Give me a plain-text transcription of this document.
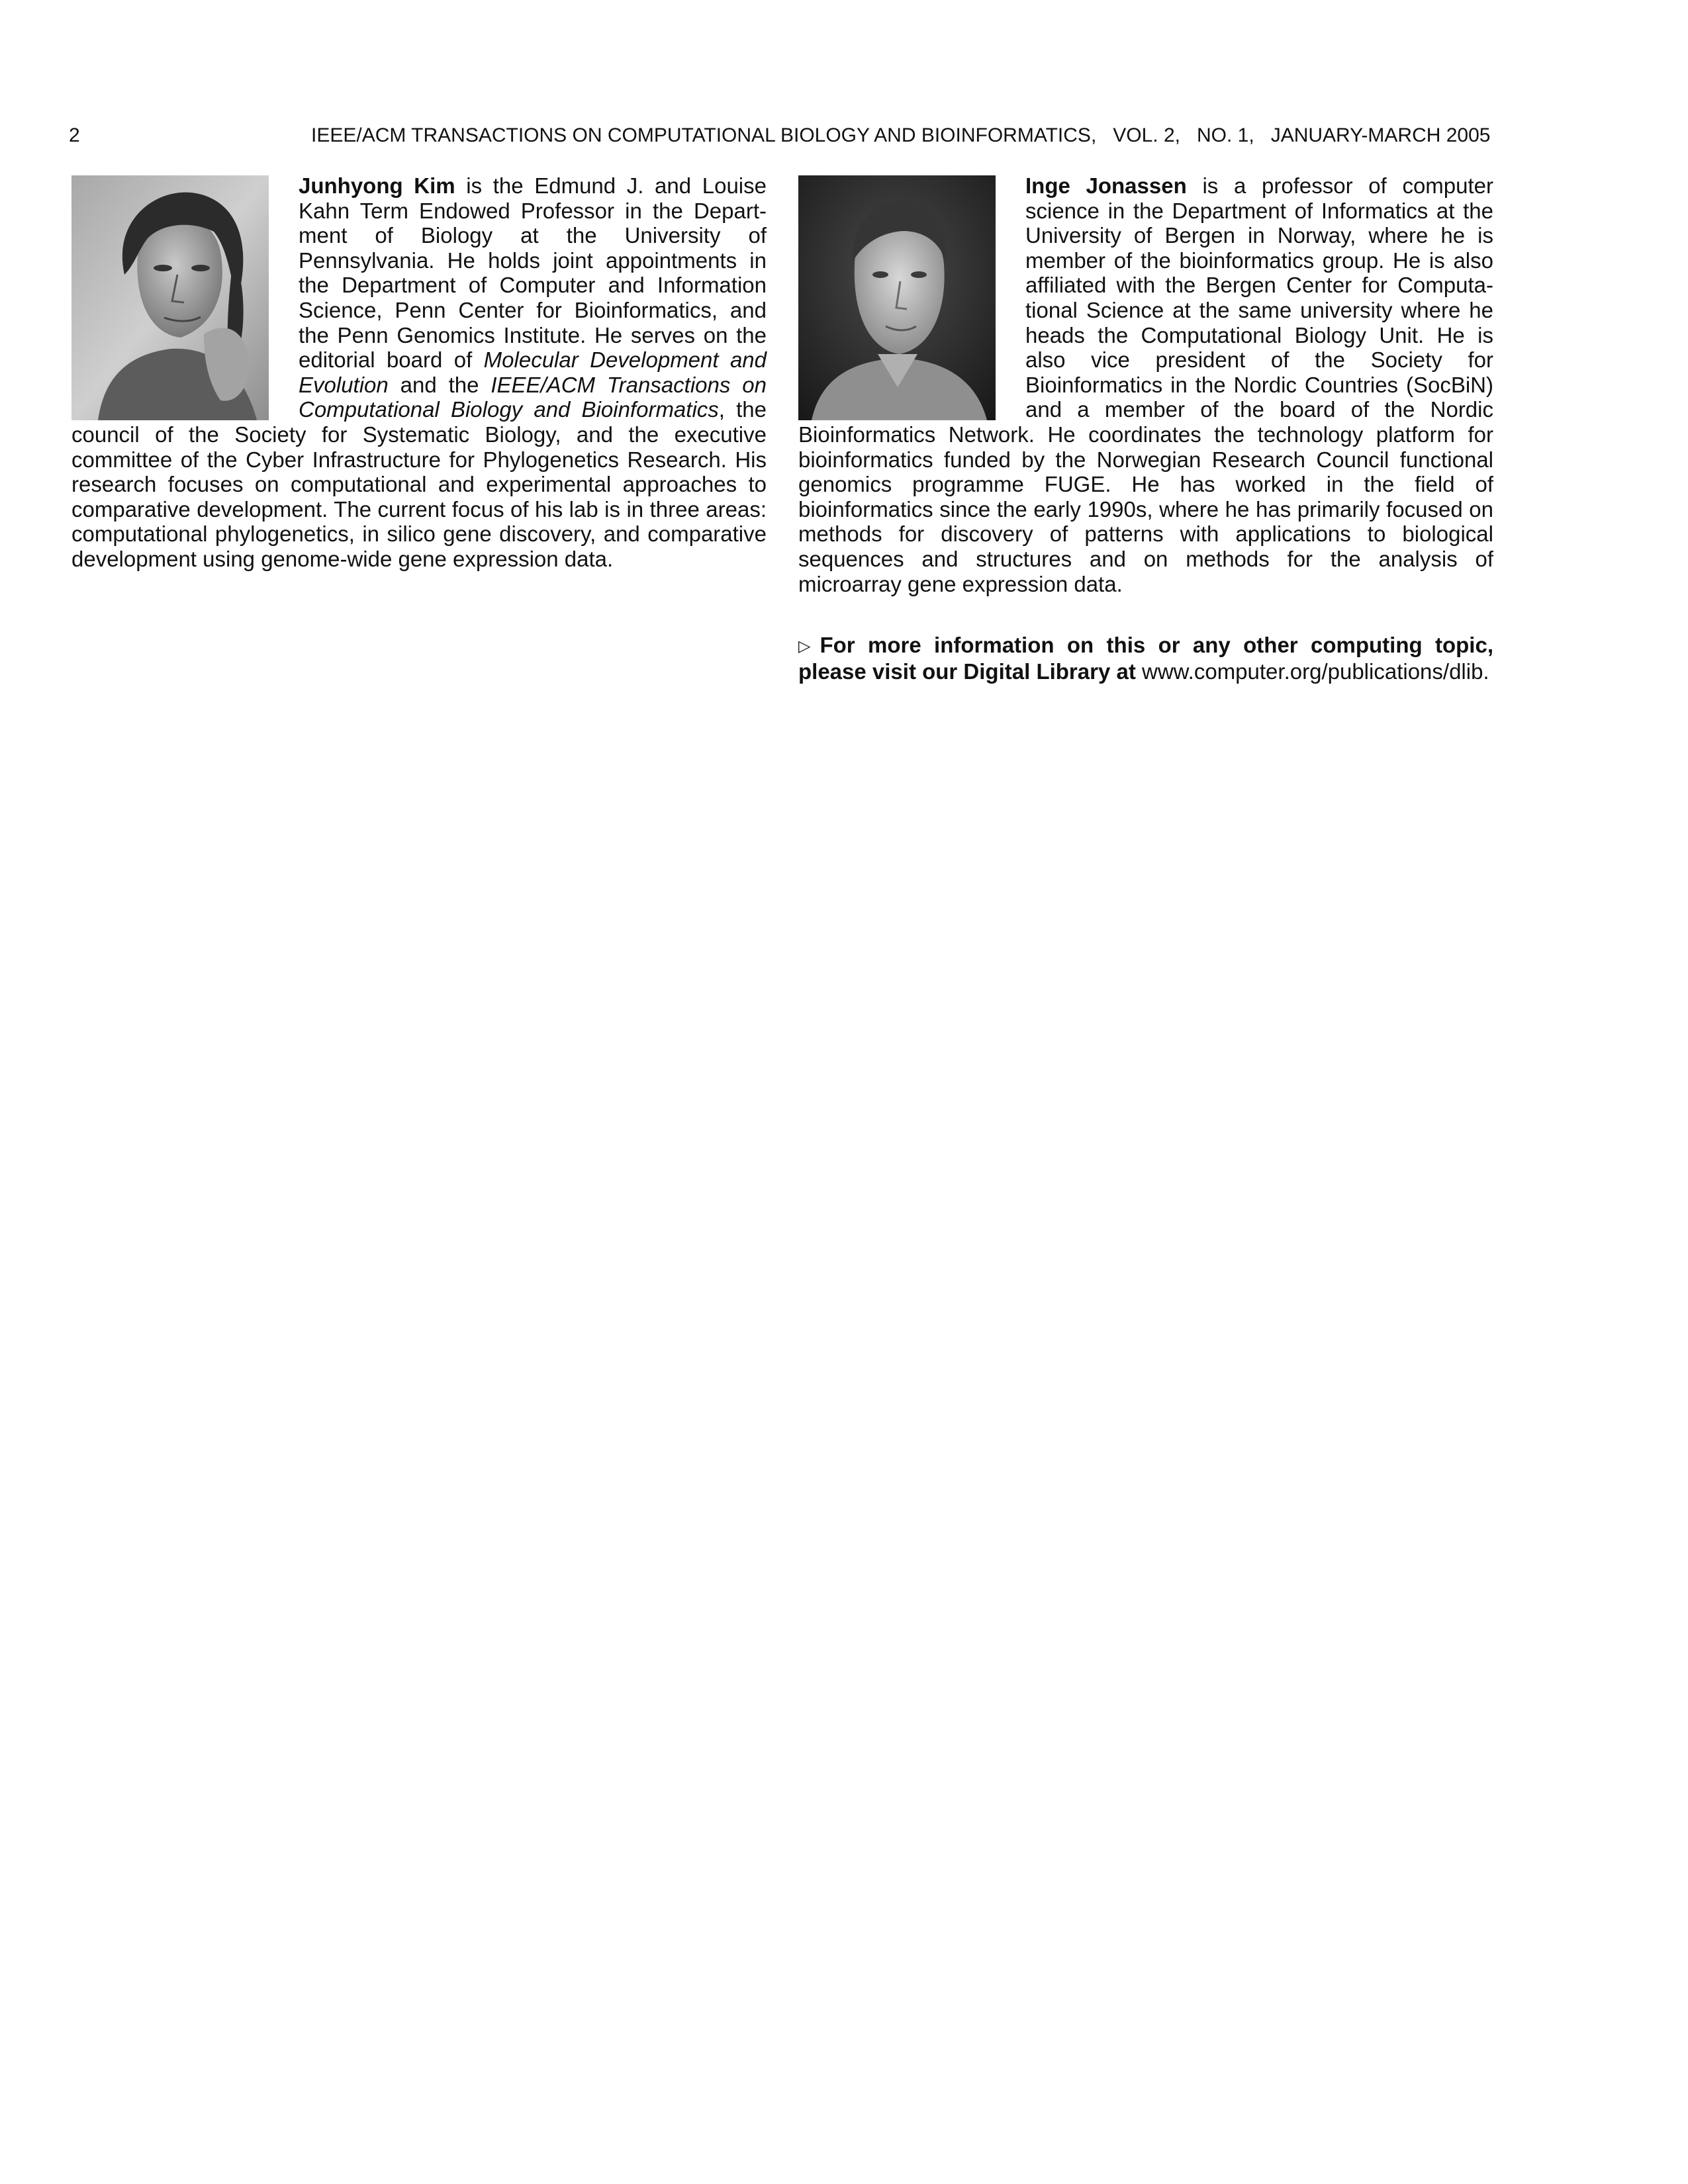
2	IEEE/ACM TRANSACTIONS ON COMPUTATIONAL BIOLOGY AND BIOINFORMATICS,   VOL. 2,   NO. 1,   JANUARY-MARCH 2005

Junhyong Kim is the Edmund J. and Louise Kahn Term Endowed Professor in the Department of Biology at the University of Pennsylvania. He holds joint appointments in the Department of Computer and Information Science, Penn Center for Bioinformatics, and the Penn Genomics Institute. He serves on the editorial board of Molecular Development and Evolution and the IEEE/ACM Transactions on Computational Biology and Bioinformatics, the council of the Society for Systematic Biology, and the executive committee of the Cyber Infrastructure for Phylogenetics Research. His research focuses on computational and experimental approaches to comparative development. The current focus of his lab is in three areas: computational phylogenetics, in silico gene discovery, and comparative development using genome-wide gene expression data.

Inge Jonassen is a professor of computer science in the Department of Informatics at the University of Bergen in Norway, where he is member of the bioinformatics group. He is also affiliated with the Bergen Center for Computational Science at the same university where he heads the Computational Biology Unit. He is also vice president of the Society for Bioinformatics in the Nordic Countries (SocBiN) and a member of the board of the Nordic Bioinformatics Network. He coordinates the technology platform for bioinformatics funded by the Norwegian Research Council functional genomics programme FUGE. He has worked in the field of bioinformatics since the early 1990s, where he has primarily focused on methods for discovery of patterns with applications to biological sequences and structures and on methods for the analysis of microarray gene expression data.

▷ For more information on this or any other computing topic, please visit our Digital Library at www.computer.org/publications/dlib.
